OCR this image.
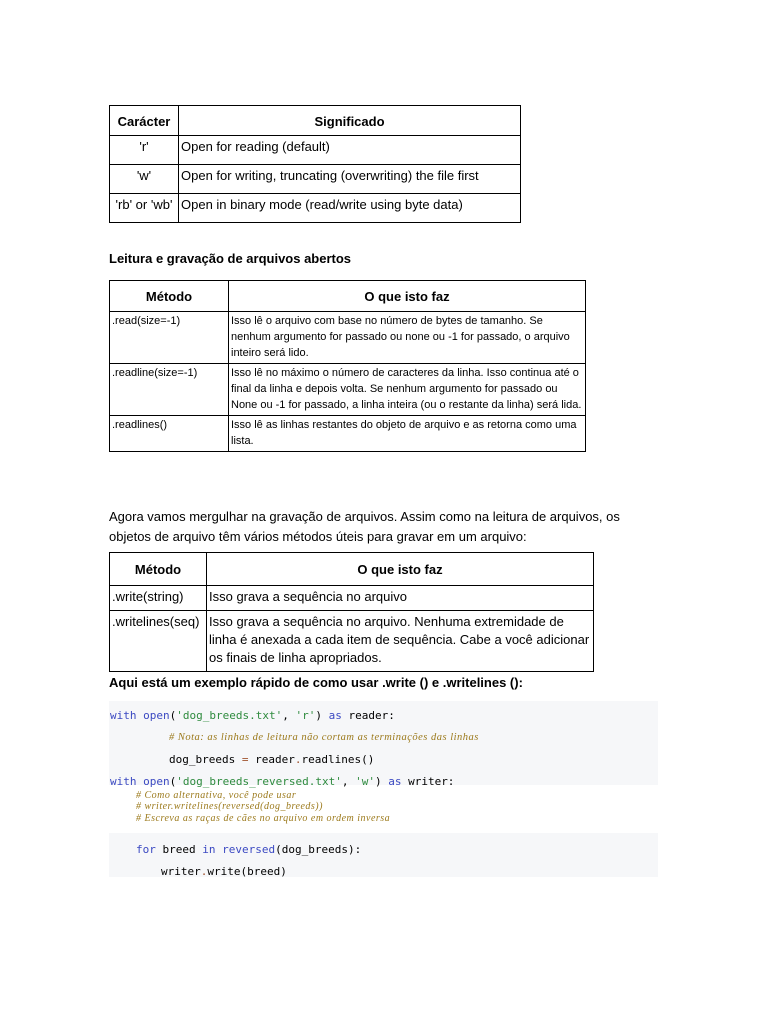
Carácter	Significado
'r'	Open for reading (default)
'w'	Open for writing, truncating (overwriting) the file first
'rb' or 'wb'	Open in binary mode (read/write using byte data)
Leitura e gravação de arquivos abertos
Método	O que isto faz
.read(size=-1)	Isso lê o arquivo com base no número de bytes de tamanho. Se nenhum argumento for passado ou none ou -1 for passado, o arquivo inteiro será lido.
.readline(size=-1)	Isso lê no máximo o número de caracteres da linha. Isso continua até o final da linha e depois volta. Se nenhum argumento for passado ou None ou -1 for passado, a linha inteira (ou o restante da linha) será lida.
.readlines()	Isso lê as linhas restantes do objeto de arquivo e as retorna como uma lista.
Agora vamos mergulhar na gravação de arquivos. Assim como na leitura de arquivos, os objetos de arquivo têm vários métodos úteis para gravar em um arquivo:
Método	O que isto faz
.write(string)	Isso grava a sequência no arquivo
.writelines(seq)	Isso grava a sequência no arquivo. Nenhuma extremidade de linha é anexada a cada item de sequência. Cabe a você adicionar os finais de linha apropriados.
Aqui está um exemplo rápido de como usar .write () e .writelines ():
with open('dog_breeds.txt', 'r') as reader:
# Nota: as linhas de leitura não cortam as terminações das linhas
dog_breeds = reader.readlines()
with open('dog_breeds_reversed.txt', 'w') as writer:
# Como alternativa, você pode usar
# writer.writelines(reversed(dog_breeds))
# Escreva as raças de cães no arquivo em ordem inversa
for breed in reversed(dog_breeds):
writer.write(breed)
